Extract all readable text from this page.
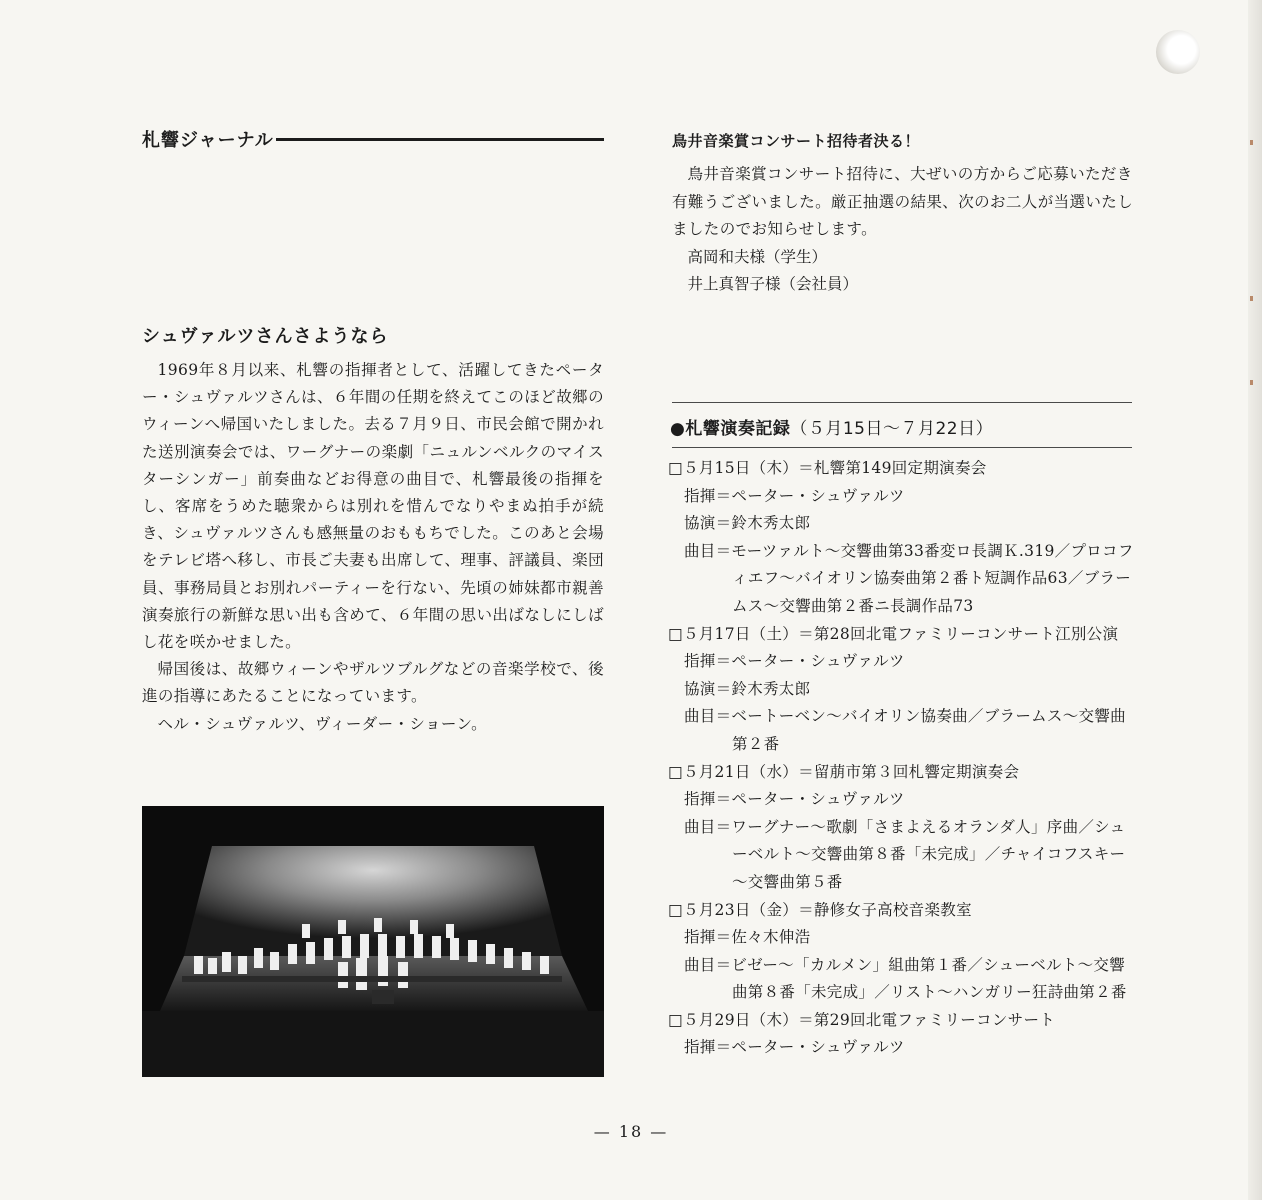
札響ジャーナル
シュヴァルツさんさようなら

1969年８月以来、札響の指揮者として、活躍してきたペーター・シュヴァルツさんは、６年間の任期を終えてこのほど故郷のウィーンへ帰国いたしました。去る７月９日、市民会館で開かれた送別演奏会では、ワーグナーの楽劇「ニュルンベルクのマイスターシンガー」前奏曲などお得意の曲目で、札響最後の指揮をし、客席をうめた聴衆からは別れを惜んでなりやまぬ拍手が続き、シュヴァルツさんも感無量のおももちでした。このあと会場をテレビ塔へ移し、市長ご夫妻も出席して、理事、評議員、楽団員、事務局員とお別れパーティーを行ない、先頃の姉妹都市親善演奏旅行の新鮮な思い出も含めて、６年間の思い出ばなしにしばし花を咲かせました。

帰国後は、故郷ウィーンやザルツブルグなどの音楽学校で、後進の指導にあたることになっています。

ヘル・シュヴァルツ、ヴィーダー・ショーン。

鳥井音楽賞コンサート招待者決る！

鳥井音楽賞コンサート招待に、大ぜいの方からご応募いただき有難うございました。厳正抽選の結果、次のお二人が当選いたしましたのでお知らせします。

高岡和夫様（学生）
井上真智子様（会社員）
●札響演奏記録（５月15日～７月22日）
□５月15日（木）＝札響第149回定期演奏会
指揮＝ペーター・シュヴァルツ
協演＝鈴木秀太郎
曲目＝モーツァルト～交響曲第33番変ロ長調Ｋ.319／プロコフィエフ～バイオリン協奏曲第２番ト短調作品63／ブラームス～交響曲第２番ニ長調作品73
□５月17日（土）＝第28回北電ファミリーコンサート江別公演
指揮＝ペーター・シュヴァルツ
協演＝鈴木秀太郎
曲目＝ベートーベン～バイオリン協奏曲／ブラームス～交響曲第２番
□５月21日（水）＝留萠市第３回札響定期演奏会
指揮＝ペーター・シュヴァルツ
曲目＝ワーグナー～歌劇「さまよえるオランダ人」序曲／シューベルト～交響曲第８番「未完成」／チャイコフスキー～交響曲第５番
□５月23日（金）＝静修女子高校音楽教室
指揮＝佐々木伸浩
曲目＝ビゼー～「カルメン」組曲第１番／シューベルト～交響曲第８番「未完成」／リスト～ハンガリー狂詩曲第２番
□５月29日（木）＝第29回北電ファミリーコンサート
指揮＝ペーター・シュヴァルツ
— 18 —
